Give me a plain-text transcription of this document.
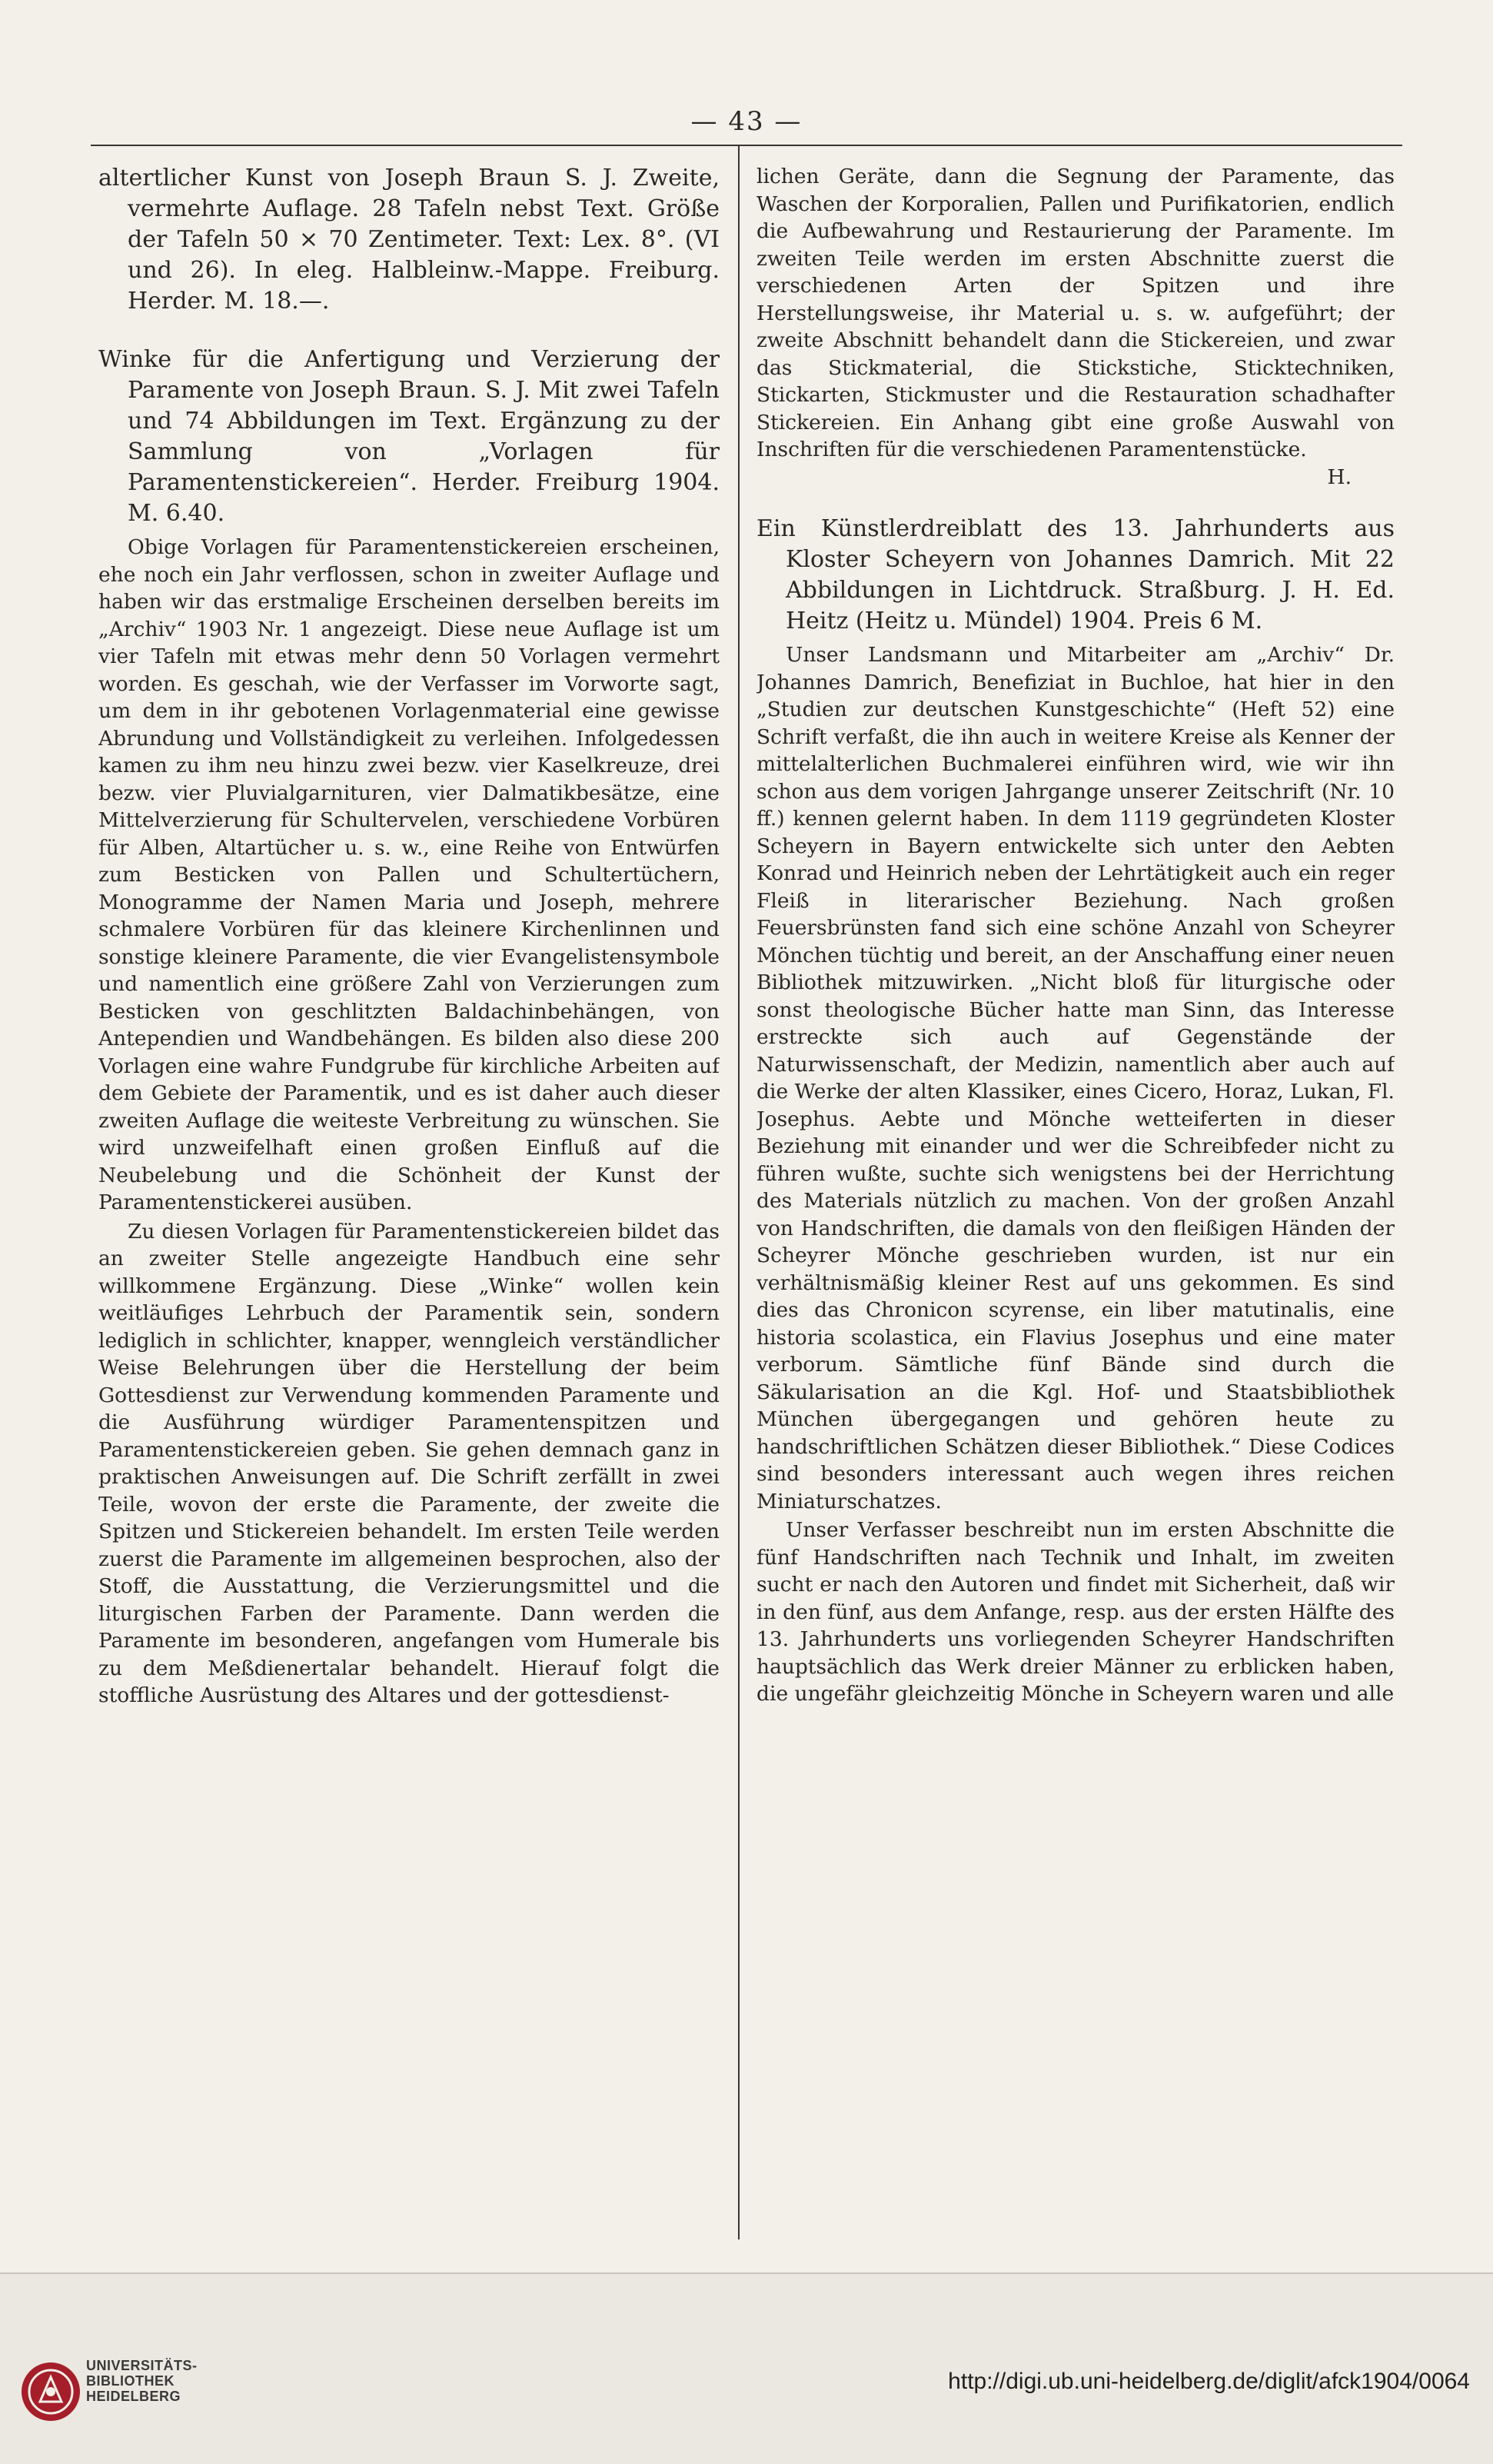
— 43 —
altertlicher Kunst von Joseph Braun S. J. Zweite, vermehrte Auflage. 28 Tafeln nebst Text. Größe der Tafeln 50 × 70 Zentimeter. Text: Lex. 8°. (VI und 26). In eleg. Halbleinw.-Mappe. Freiburg. Herder. M. 18.—.
Winke für die Anfertigung und Verzierung der Paramente von Joseph Braun. S. J. Mit zwei Tafeln und 74 Abbildungen im Text. Ergänzung zu der Sammlung von „Vorlagen für Paramentenstickereien“. Herder. Freiburg 1904. M. 6.40.

Obige Vorlagen für Paramentenstickereien erscheinen, ehe noch ein Jahr verflossen, schon in zweiter Auflage und haben wir das erstmalige Erscheinen derselben bereits im „Archiv“ 1903 Nr. 1 angezeigt. Diese neue Auflage ist um vier Tafeln mit etwas mehr denn 50 Vorlagen vermehrt worden. Es geschah, wie der Verfasser im Vorworte sagt, um dem in ihr gebotenen Vorlagenmaterial eine gewisse Abrundung und Vollständigkeit zu verleihen. Infolgedessen kamen zu ihm neu hinzu zwei bezw. vier Kaselkreuze, drei bezw. vier Pluvialgarnituren, vier Dalmatikbesätze, eine Mittelverzierung für Schultervelen, verschiedene Vorbüren für Alben, Altartücher u. s. w., eine Reihe von Entwürfen zum Besticken von Pallen und Schultertüchern, Monogramme der Namen Maria und Joseph, mehrere schmalere Vorbüren für das kleinere Kirchenlinnen und sonstige kleinere Paramente, die vier Evangelistensymbole und namentlich eine größere Zahl von Verzierungen zum Besticken von geschlitzten Baldachinbehängen, von Antependien und Wandbehängen. Es bilden also diese 200 Vorlagen eine wahre Fundgrube für kirchliche Arbeiten auf dem Gebiete der Paramentik, und es ist daher auch dieser zweiten Auflage die weiteste Verbreitung zu wünschen. Sie wird unzweifelhaft einen großen Einfluß auf die Neubelebung und die Schönheit der Kunst der Paramentenstickerei ausüben.

Zu diesen Vorlagen für Paramentenstickereien bildet das an zweiter Stelle angezeigte Handbuch eine sehr willkommene Ergänzung. Diese „Winke“ wollen kein weitläufiges Lehrbuch der Paramentik sein, sondern lediglich in schlichter, knapper, wenngleich verständlicher Weise Belehrungen über die Herstellung der beim Gottesdienst zur Verwendung kommenden Paramente und die Ausführung würdiger Paramentenspitzen und Paramentenstickereien geben. Sie gehen demnach ganz in praktischen Anweisungen auf. Die Schrift zerfällt in zwei Teile, wovon der erste die Paramente, der zweite die Spitzen und Stickereien behandelt. Im ersten Teile werden zuerst die Paramente im allgemeinen besprochen, also der Stoff, die Ausstattung, die Verzierungsmittel und die liturgischen Farben der Paramente. Dann werden die Paramente im besonderen, angefangen vom Humerale bis zu dem Meßdienertalar behandelt. Hierauf folgt die stoffliche Ausrüstung des Altares und der gottesdienst-

lichen Geräte, dann die Segnung der Paramente, das Waschen der Korporalien, Pallen und Purifikatorien, endlich die Aufbewahrung und Restaurierung der Paramente. Im zweiten Teile werden im ersten Abschnitte zuerst die verschiedenen Arten der Spitzen und ihre Herstellungsweise, ihr Material u. s. w. aufgeführt; der zweite Abschnitt behandelt dann die Stickereien, und zwar das Stickmaterial, die Stickstiche, Sticktechniken, Stickarten, Stickmuster und die Restauration schadhafter Stickereien. Ein Anhang gibt eine große Auswahl von Inschriften für die verschiedenen Paramentenstücke.

H.
Ein Künstlerdreiblatt des 13. Jahrhunderts aus Kloster Scheyern von Johannes Damrich. Mit 22 Abbildungen in Lichtdruck. Straßburg. J. H. Ed. Heitz (Heitz u. Mündel) 1904. Preis 6 M.

Unser Landsmann und Mitarbeiter am „Archiv“ Dr. Johannes Damrich, Benefiziat in Buchloe, hat hier in den „Studien zur deutschen Kunstgeschichte“ (Heft 52) eine Schrift verfaßt, die ihn auch in weitere Kreise als Kenner der mittelalterlichen Buchmalerei einführen wird, wie wir ihn schon aus dem vorigen Jahrgange unserer Zeitschrift (Nr. 10 ff.) kennen gelernt haben. In dem 1119 gegründeten Kloster Scheyern in Bayern entwickelte sich unter den Aebten Konrad und Heinrich neben der Lehrtätigkeit auch ein reger Fleiß in literarischer Beziehung. Nach großen Feuersbrünsten fand sich eine schöne Anzahl von Scheyrer Mönchen tüchtig und bereit, an der Anschaffung einer neuen Bibliothek mitzuwirken. „Nicht bloß für liturgische oder sonst theologische Bücher hatte man Sinn, das Interesse erstreckte sich auch auf Gegenstände der Naturwissenschaft, der Medizin, namentlich aber auch auf die Werke der alten Klassiker, eines Cicero, Horaz, Lukan, Fl. Josephus. Aebte und Mönche wetteiferten in dieser Beziehung mit einander und wer die Schreibfeder nicht zu führen wußte, suchte sich wenigstens bei der Herrichtung des Materials nützlich zu machen. Von der großen Anzahl von Handschriften, die damals von den fleißigen Händen der Scheyrer Mönche geschrieben wurden, ist nur ein verhältnismäßig kleiner Rest auf uns gekommen. Es sind dies das Chronicon scyrense, ein liber matutinalis, eine historia scolastica, ein Flavius Josephus und eine mater verborum. Sämtliche fünf Bände sind durch die Säkularisation an die Kgl. Hof- und Staatsbibliothek München übergegangen und gehören heute zu handschriftlichen Schätzen dieser Bibliothek.“ Diese Codices sind besonders interessant auch wegen ihres reichen Miniaturschatzes.

Unser Verfasser beschreibt nun im ersten Abschnitte die fünf Handschriften nach Technik und Inhalt, im zweiten sucht er nach den Autoren und findet mit Sicherheit, daß wir in den fünf, aus dem Anfange, resp. aus der ersten Hälfte des 13. Jahrhunderts uns vorliegenden Scheyrer Handschriften hauptsächlich das Werk dreier Männer zu erblicken haben, die ungefähr gleichzeitig Mönche in Scheyern waren und alle

UNIVERSITÄTS-
BIBLIOTHEK
HEIDELBERG
http://digi.ub.uni-heidelberg.de/diglit/afck1904/0064
